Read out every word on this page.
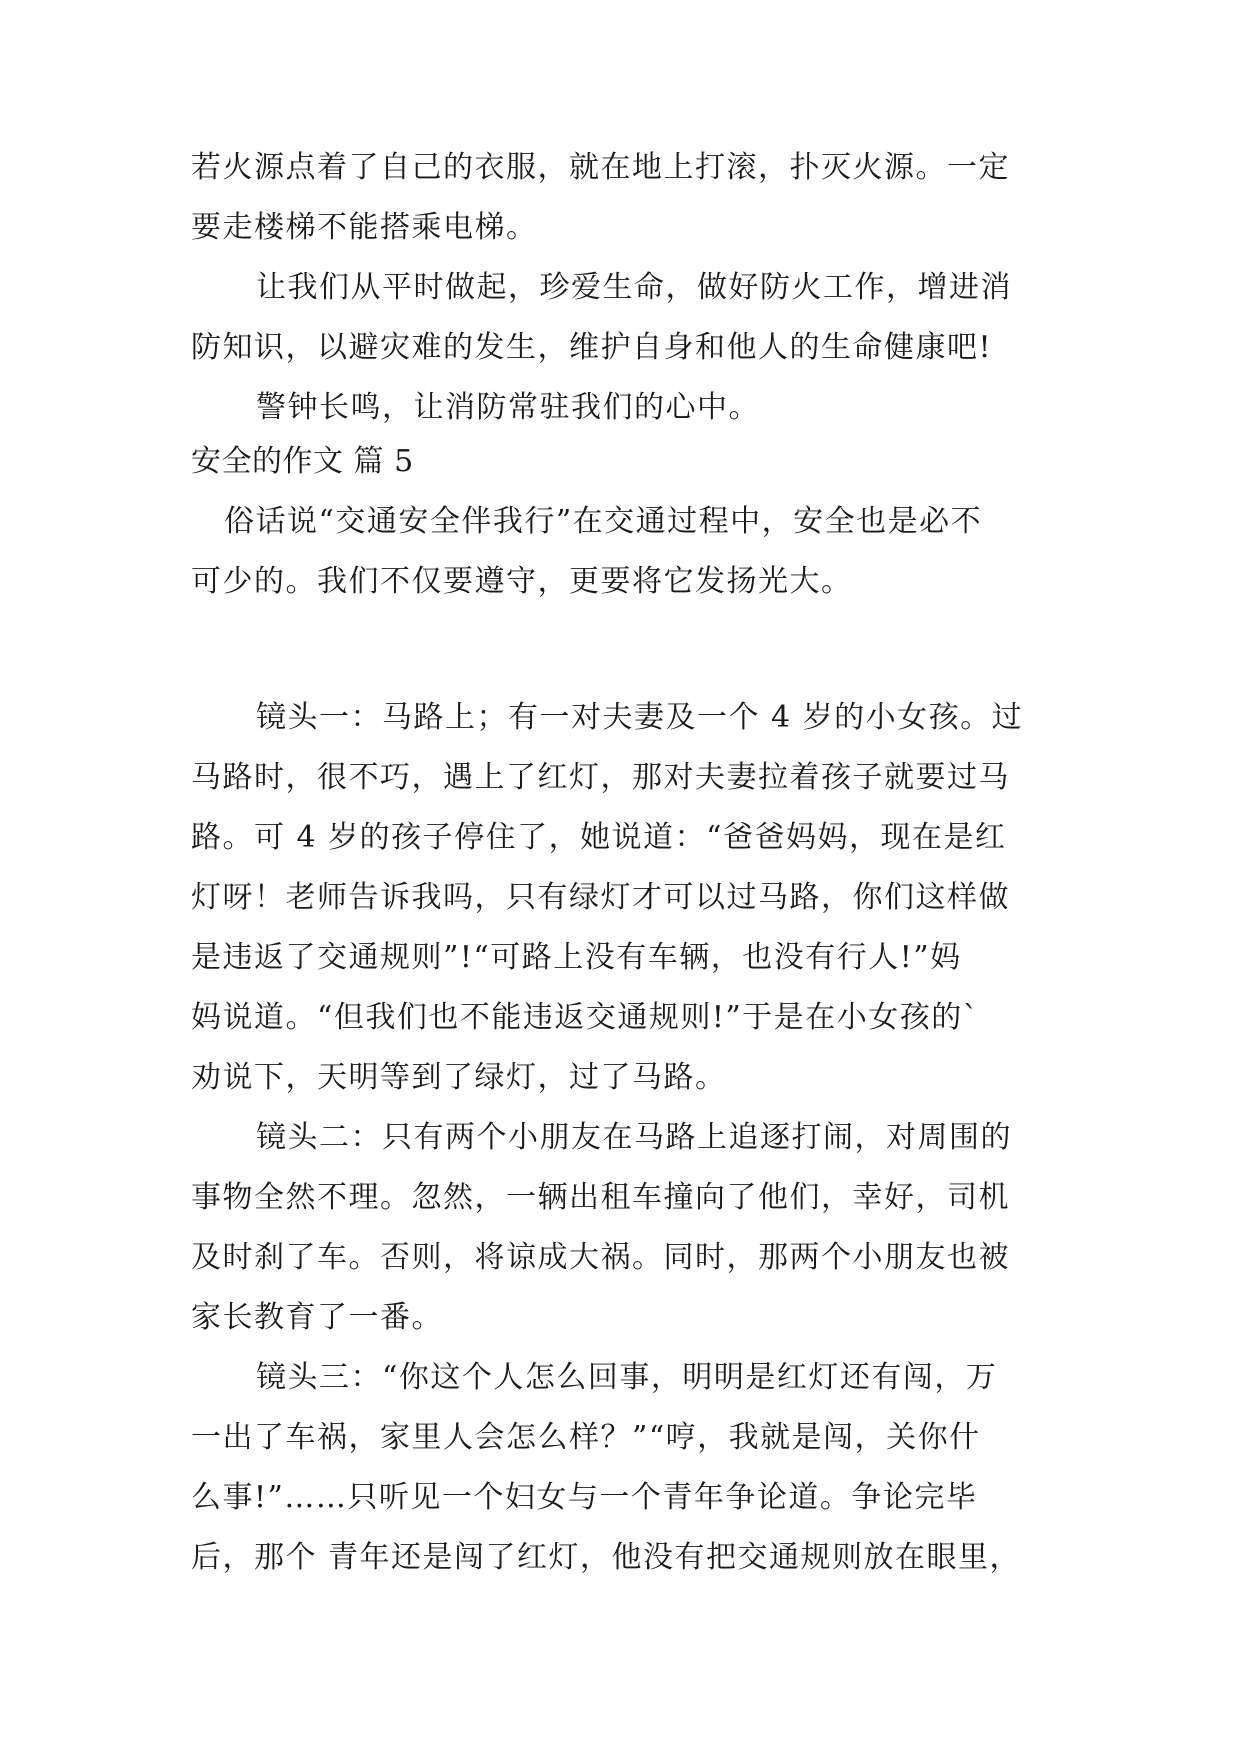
若火源点着了自己的衣服，就在地上打滚，扑灭火源。一定
要走楼梯不能搭乘电梯。
让我们从平时做起，珍爱生命，做好防火工作，增进消
防知识，以避灾难的发生，维护自身和他人的生命健康吧!
警钟长鸣，让消防常驻我们的心中。
安全的作文 篇 5
俗话说“交通安全伴我行”在交通过程中，安全也是必不
可少的。我们不仅要遵守，更要将它发扬光大。
镜头一：马路上；有一对夫妻及一个 4 岁的小女孩。过
马路时，很不巧，遇上了红灯，那对夫妻拉着孩子就要过马
路。可 4 岁的孩子停住了，她说道：“爸爸妈妈，现在是红
灯呀！老师告诉我吗，只有绿灯才可以过马路，你们这样做
是违返了交通规则”!“可路上没有车辆，也没有行人!”妈
妈说道。“但我们也不能违返交通规则!”于是在小女孩的`
劝说下，天明等到了绿灯，过了马路。
镜头二：只有两个小朋友在马路上追逐打闹，对周围的
事物全然不理。忽然，一辆出租车撞向了他们，幸好，司机
及时刹了车。否则，将谅成大祸。同时，那两个小朋友也被
家长教育了一番。
镜头三：“你这个人怎么回事，明明是红灯还有闯，万
一出了车祸，家里人会怎么样？”“哼，我就是闯，关你什
么事!”……只听见一个妇女与一个青年争论道。争论完毕
后，那个 青年还是闯了红灯，他没有把交通规则放在眼里，
